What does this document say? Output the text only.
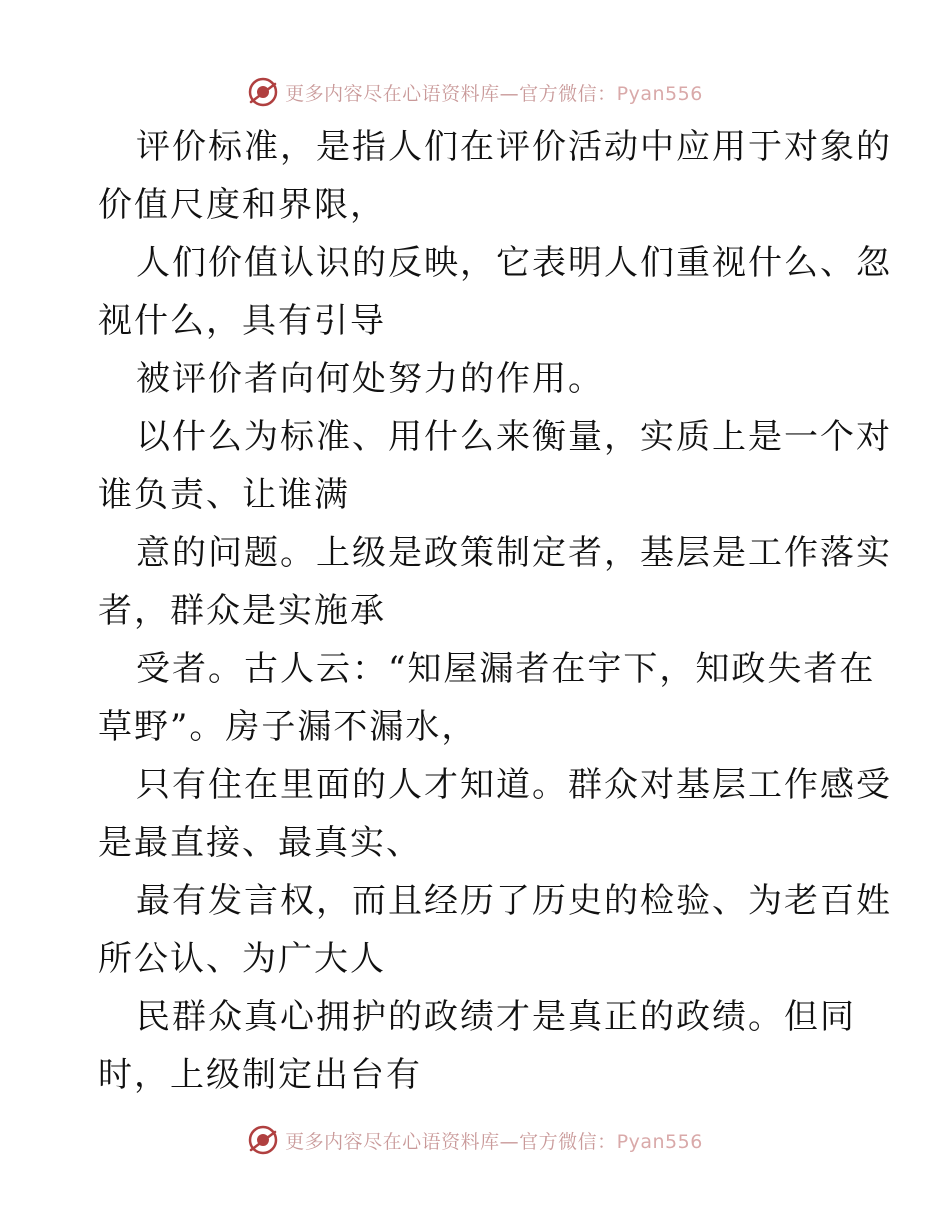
更多内容尽在心语资料库—官方微信：Pyan556
评价标准，是指人们在评价活动中应用于对象的
价值尺度和界限，
人们价值认识的反映，它表明人们重视什么、忽
视什么，具有引导
被评价者向何处努力的作用。
以什么为标准、用什么来衡量，实质上是一个对
谁负责、让谁满
意的问题。上级是政策制定者，基层是工作落实
者，群众是实施承
受者。古人云：“知屋漏者在宇下，知政失者在
草野”。房子漏不漏水，
只有住在里面的人才知道。群众对基层工作感受
是最直接、最真实、
最有发言权，而且经历了历史的检验、为老百姓
所公认、为广大人
民群众真心拥护的政绩才是真正的政绩。但同
时，上级制定出台有
更多内容尽在心语资料库—官方微信：Pyan556
